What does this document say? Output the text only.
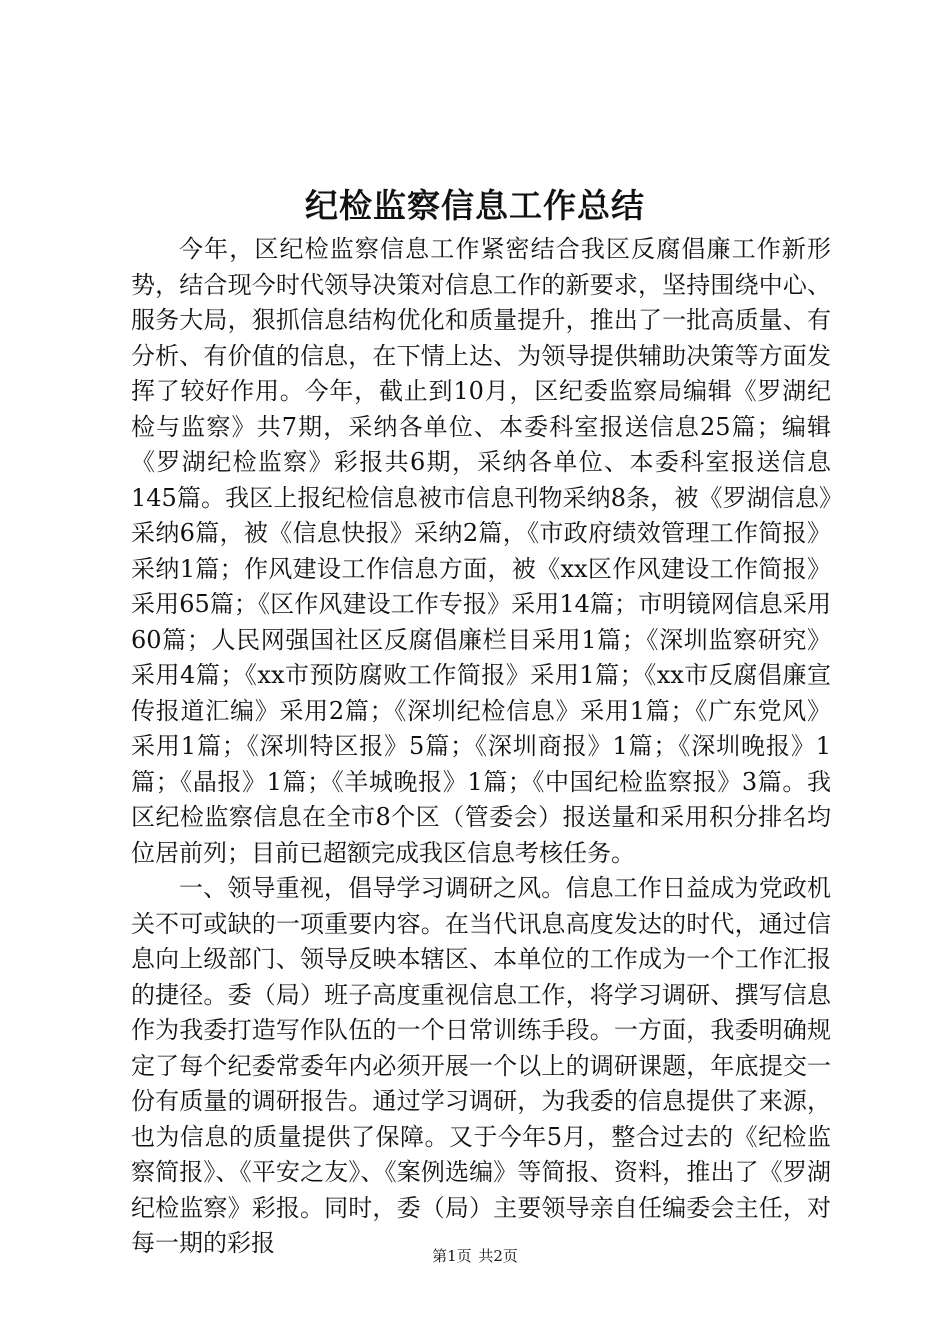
纪检监察信息工作总结

今年，区纪检监察信息工作紧密结合我区反腐倡廉工作新形势，结合现今时代领导决策对信息工作的新要求，坚持围绕中心、服务大局，狠抓信息结构优化和质量提升，推出了一批高质量、有分析、有价值的信息，在下情上达、为领导提供辅助决策等方面发挥了较好作用。今年，截止到10月，区纪委监察局编辑《罗湖纪检与监察》共7期，采纳各单位、本委科室报送信息25篇；编辑《罗湖纪检监察》彩报共6期，采纳各单位、本委科室报送信息145篇。我区上报纪检信息被市信息刊物采纳8条，被《罗湖信息》采纳6篇，被《信息快报》采纳2篇，《市政府绩效管理工作简报》采纳1篇；作风建设工作信息方面，被《xx区作风建设工作简报》采用65篇；《区作风建设工作专报》采用14篇；市明镜网信息采用60篇；人民网强国社区反腐倡廉栏目采用1篇；《深圳监察研究》采用4篇；《xx市预防腐败工作简报》采用1篇；《xx市反腐倡廉宣传报道汇编》采用2篇；《深圳纪检信息》采用1篇；《广东党风》采用1篇；《深圳特区报》5篇；《深圳商报》1篇；《深圳晚报》1篇；《晶报》1篇；《羊城晚报》1篇；《中国纪检监察报》3篇。我区纪检监察信息在全市8个区（管委会）报送量和采用积分排名均位居前列；目前已超额完成我区信息考核任务。

一、领导重视，倡导学习调研之风。信息工作日益成为党政机关不可或缺的一项重要内容。在当代讯息高度发达的时代，通过信息向上级部门、领导反映本辖区、本单位的工作成为一个工作汇报的捷径。委（局）班子高度重视信息工作，将学习调研、撰写信息作为我委打造写作队伍的一个日常训练手段。一方面，我委明确规定了每个纪委常委年内必须开展一个以上的调研课题，年底提交一份有质量的调研报告。通过学习调研，为我委的信息提供了来源，也为信息的质量提供了保障。又于今年5月，整合过去的《纪检监察简报》、《平安之友》、《案例选编》等简报、资料，推出了《罗湖纪检监察》彩报。同时，委（局）主要领导亲自任编委会主任，对每一期的彩报	第1页 共2页
